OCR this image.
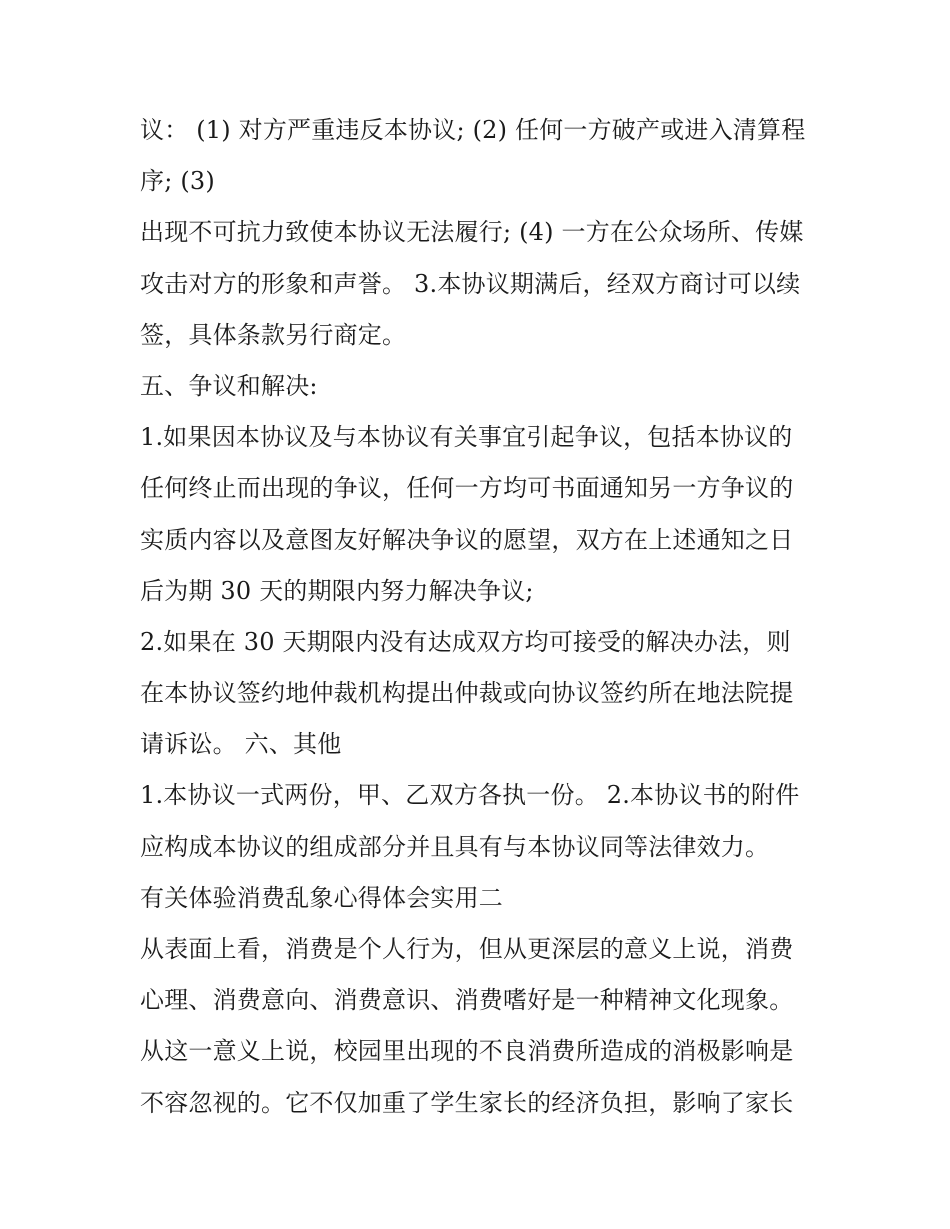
议： (1) 对方严重违反本协议; (2) 任何一方破产或进入清算程
序; (3)
出现不可抗力致使本协议无法履行; (4) 一方在公众场所、传媒
攻击对方的形象和声誉。 3.本协议期满后，经双方商讨可以续
签，具体条款另行商定。
五、争议和解决:
1.如果因本协议及与本协议有关事宜引起争议，包括本协议的
任何终止而出现的争议，任何一方均可书面通知另一方争议的
实质内容以及意图友好解决争议的愿望，双方在上述通知之日
后为期 30 天的期限内努力解决争议;
2.如果在 30 天期限内没有达成双方均可接受的解决办法，则
在本协议签约地仲裁机构提出仲裁或向协议签约所在地法院提
请诉讼。 六、其他
1.本协议一式两份，甲、乙双方各执一份。 2.本协议书的附件
应构成本协议的组成部分并且具有与本协议同等法律效力。
有关体验消费乱象心得体会实用二
从表面上看，消费是个人行为，但从更深层的意义上说，消费
心理、消费意向、消费意识、消费嗜好是一种精神文化现象。
从这一意义上说，校园里出现的不良消费所造成的消极影响是
不容忽视的。它不仅加重了学生家长的经济负担，影响了家长
